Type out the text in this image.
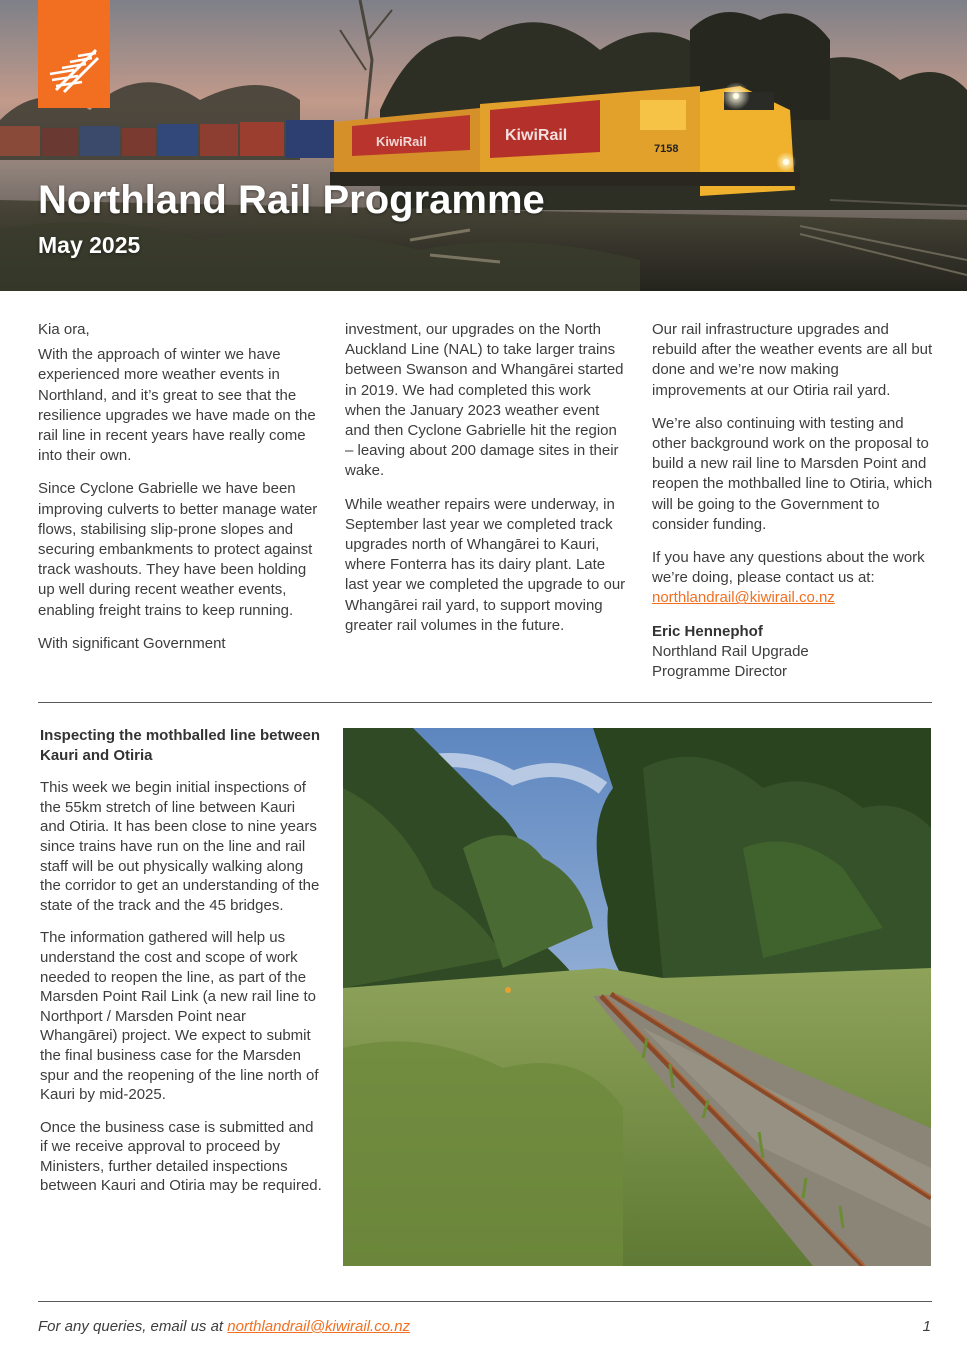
KiwiRail	KiwiRail
7158
Northland Rail Programme
May 2025

Kia ora,

With the approach of winter we have experienced more weather events in Northland, and it’s great to see that the resilience upgrades we have made on the rail line in recent years have really come into their own.

Since Cyclone Gabrielle we have been improving culverts to better manage water flows, stabilising slip-prone slopes and securing embankments to protect against track washouts. They have been holding up well during recent weather events, enabling freight trains to keep running.

With significant Government

investment, our upgrades on the North Auckland Line (NAL) to take larger trains between Swanson and Whangārei started in 2019. We had completed this work when the January 2023 weather event and then Cyclone Gabrielle hit the region – leaving about 200 damage sites in their wake.

While weather repairs were underway, in September last year we completed track upgrades north of Whangārei to Kauri, where Fonterra has its dairy plant. Late last year we completed the upgrade to our Whangārei rail yard, to support moving greater rail volumes in the future.

Our rail infrastructure upgrades and rebuild after the weather events are all but done and we’re now making improvements at our Otiria rail yard.

We’re also continuing with testing and other background work on the proposal to build a new rail line to Marsden Point and reopen the mothballed line to Otiria, which will be going to the Government to consider funding.

If you have any questions about the work we’re doing, please contact us at:
northlandrail@kiwirail.co.nz

Eric Hennephof
Northland Rail Upgrade
Programme Director
Inspecting the mothballed line between Kauri and Otiria

This week we begin initial inspections of the 55km stretch of line between Kauri and Otiria. It has been close to nine years since trains have run on the line and rail staff will be out physically walking along the corridor to get an understanding of the state of the track and the 45 bridges.

The information gathered will help us understand the cost and scope of work needed to reopen the line, as part of the Marsden Point Rail Link (a new rail line to Northport / Marsden Point near Whangārei) project. We expect to submit the final business case for the Marsden spur and the reopening of the line north of Kauri by mid-2025.

Once the business case is submitted and if we receive approval to proceed by Ministers, further detailed inspections between Kauri and Otiria may be required.

For any queries, email us at northlandrail@kiwirail.co.nz	1
